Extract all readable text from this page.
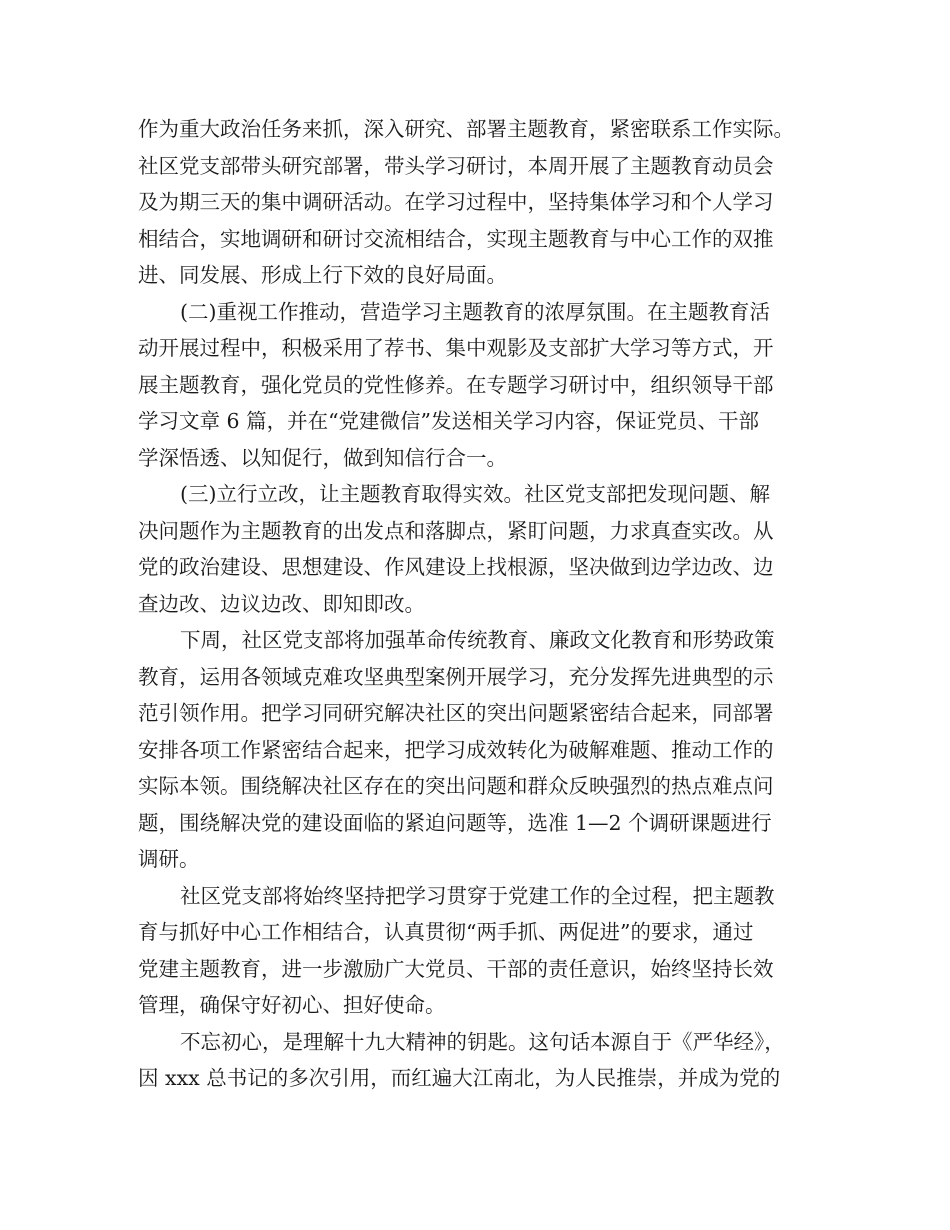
作为重大政治任务来抓，深入研究、部署主题教育，紧密联系工作实际。
社区党支部带头研究部署，带头学习研讨，本周开展了主题教育动员会
及为期三天的集中调研活动。在学习过程中，坚持集体学习和个人学习
相结合，实地调研和研讨交流相结合，实现主题教育与中心工作的双推
进、同发展、形成上行下效的良好局面。
(二)重视工作推动，营造学习主题教育的浓厚氛围。在主题教育活
动开展过程中，积极采用了荐书、集中观影及支部扩大学习等方式，开
展主题教育，强化党员的党性修养。在专题学习研讨中，组织领导干部
学习文章 6 篇，并在“党建微信”发送相关学习内容，保证党员、干部
学深悟透、以知促行，做到知信行合一。
(三)立行立改，让主题教育取得实效。社区党支部把发现问题、解
决问题作为主题教育的出发点和落脚点，紧盯问题，力求真查实改。从
党的政治建设、思想建设、作风建设上找根源，坚决做到边学边改、边
查边改、边议边改、即知即改。
下周，社区党支部将加强革命传统教育、廉政文化教育和形势政策
教育，运用各领域克难攻坚典型案例开展学习，充分发挥先进典型的示
范引领作用。把学习同研究解决社区的突出问题紧密结合起来，同部署
安排各项工作紧密结合起来，把学习成效转化为破解难题、推动工作的
实际本领。围绕解决社区存在的突出问题和群众反映强烈的热点难点问
题，围绕解决党的建设面临的紧迫问题等，选准 1—2 个调研课题进行
调研。
社区党支部将始终坚持把学习贯穿于党建工作的全过程，把主题教
育与抓好中心工作相结合，认真贯彻“两手抓、两促进”的要求，通过
党建主题教育，进一步激励广大党员、干部的责任意识，始终坚持长效
管理，确保守好初心、担好使命。
不忘初心，是理解十九大精神的钥匙。这句话本源自于《严华经》，
因 xxx 总书记的多次引用，而红遍大江南北，为人民推崇，并成为党的
